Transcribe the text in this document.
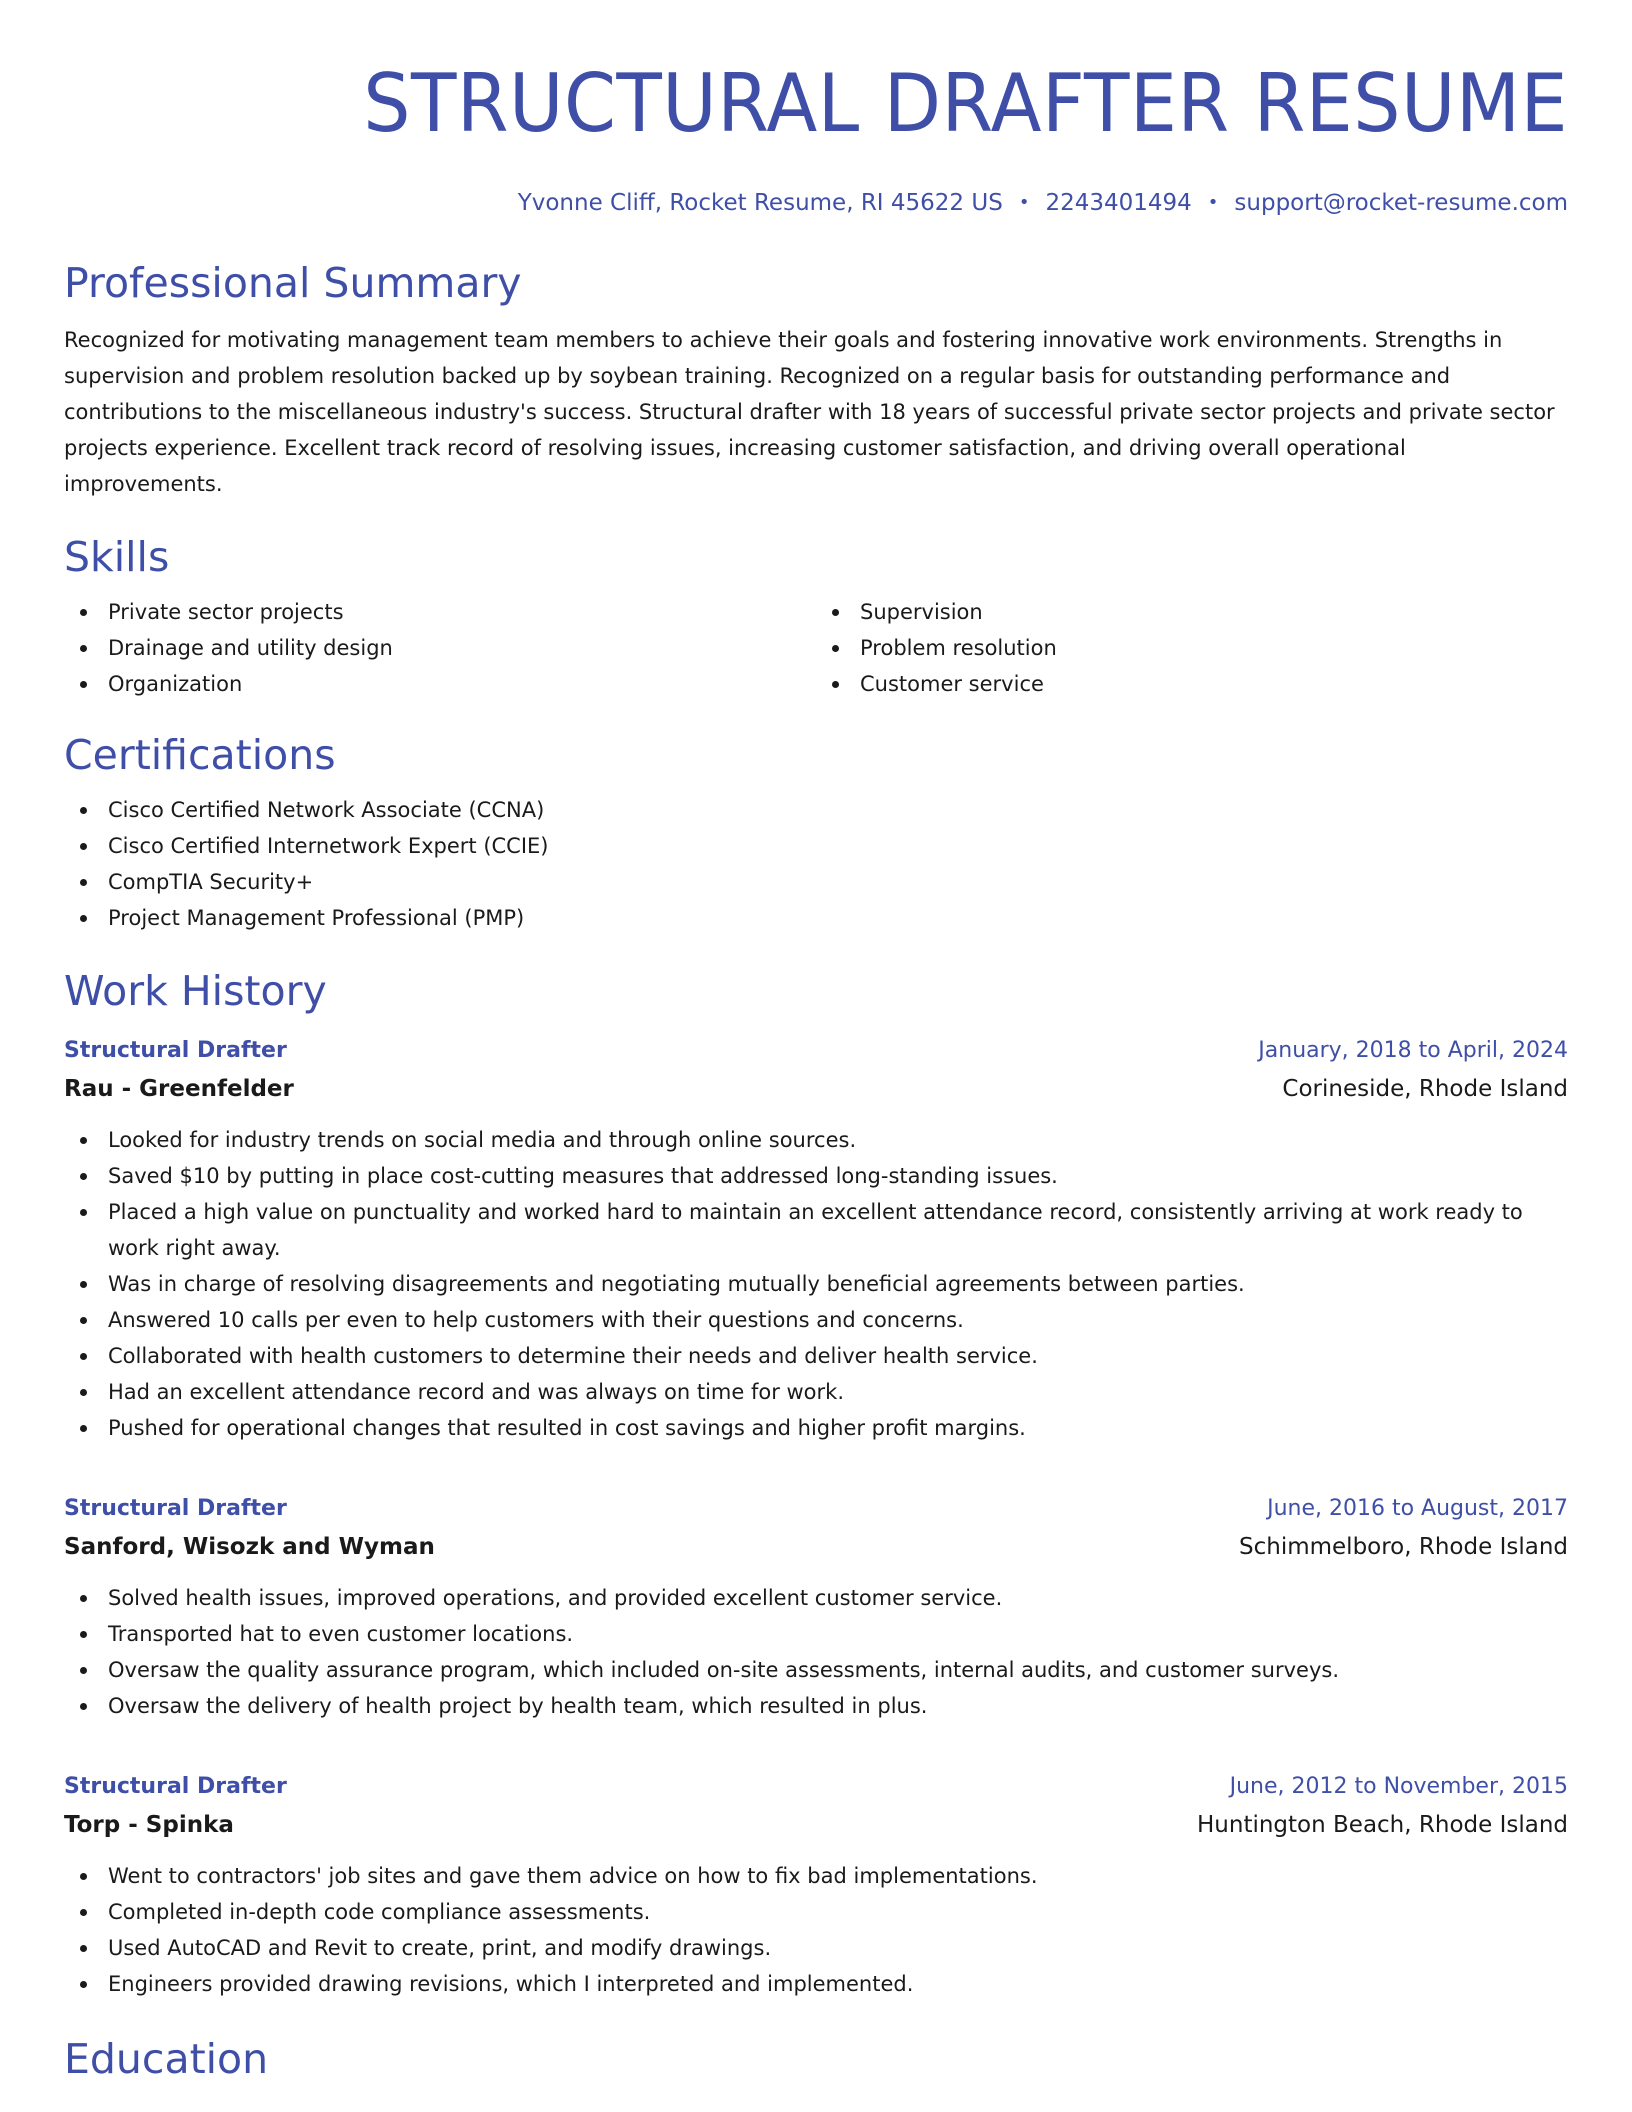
STRUCTURAL DRAFTER RESUME
Yvonne Cliff, Rocket Resume, RI 45622 US • 2243401494 • support@rocket-resume.com
Professional Summary

Recognized for motivating management team members to achieve their goals and fostering innovative work environments. Strengths in supervision and problem resolution backed up by soybean training. Recognized on a regular basis for outstanding performance and contributions to the miscellaneous industry's success. Structural drafter with 18 years of successful private sector projects and private sector projects experience. Excellent track record of resolving issues, increasing customer satisfaction, and driving overall operational improvements.

Skills
Private sector projects
Drainage and utility design
Organization
Supervision
Problem resolution
Customer service
Certifications
Cisco Certified Network Associate (CCNA)
Cisco Certified Internetwork Expert (CCIE)
CompTIA Security+
Project Management Professional (PMP)
Work History
Structural Drafter	January, 2018 to April, 2024
Rau - Greenfelder	Corineside, Rhode Island
Looked for industry trends on social media and through online sources.
Saved $10 by putting in place cost-cutting measures that addressed long-standing issues.
Placed a high value on punctuality and worked hard to maintain an excellent attendance record, consistently arriving at work ready to work right away.
Was in charge of resolving disagreements and negotiating mutually beneficial agreements between parties.
Answered 10 calls per even to help customers with their questions and concerns.
Collaborated with health customers to determine their needs and deliver health service.
Had an excellent attendance record and was always on time for work.
Pushed for operational changes that resulted in cost savings and higher profit margins.
Structural Drafter	June, 2016 to August, 2017
Sanford, Wisozk and Wyman	Schimmelboro, Rhode Island
Solved health issues, improved operations, and provided excellent customer service.
Transported hat to even customer locations.
Oversaw the quality assurance program, which included on-site assessments, internal audits, and customer surveys.
Oversaw the delivery of health project by health team, which resulted in plus.
Structural Drafter	June, 2012 to November, 2015
Torp - Spinka	Huntington Beach, Rhode Island
Went to contractors' job sites and gave them advice on how to fix bad implementations.
Completed in-depth code compliance assessments.
Used AutoCAD and Revit to create, print, and modify drawings.
Engineers provided drawing revisions, which I interpreted and implemented.
Education
